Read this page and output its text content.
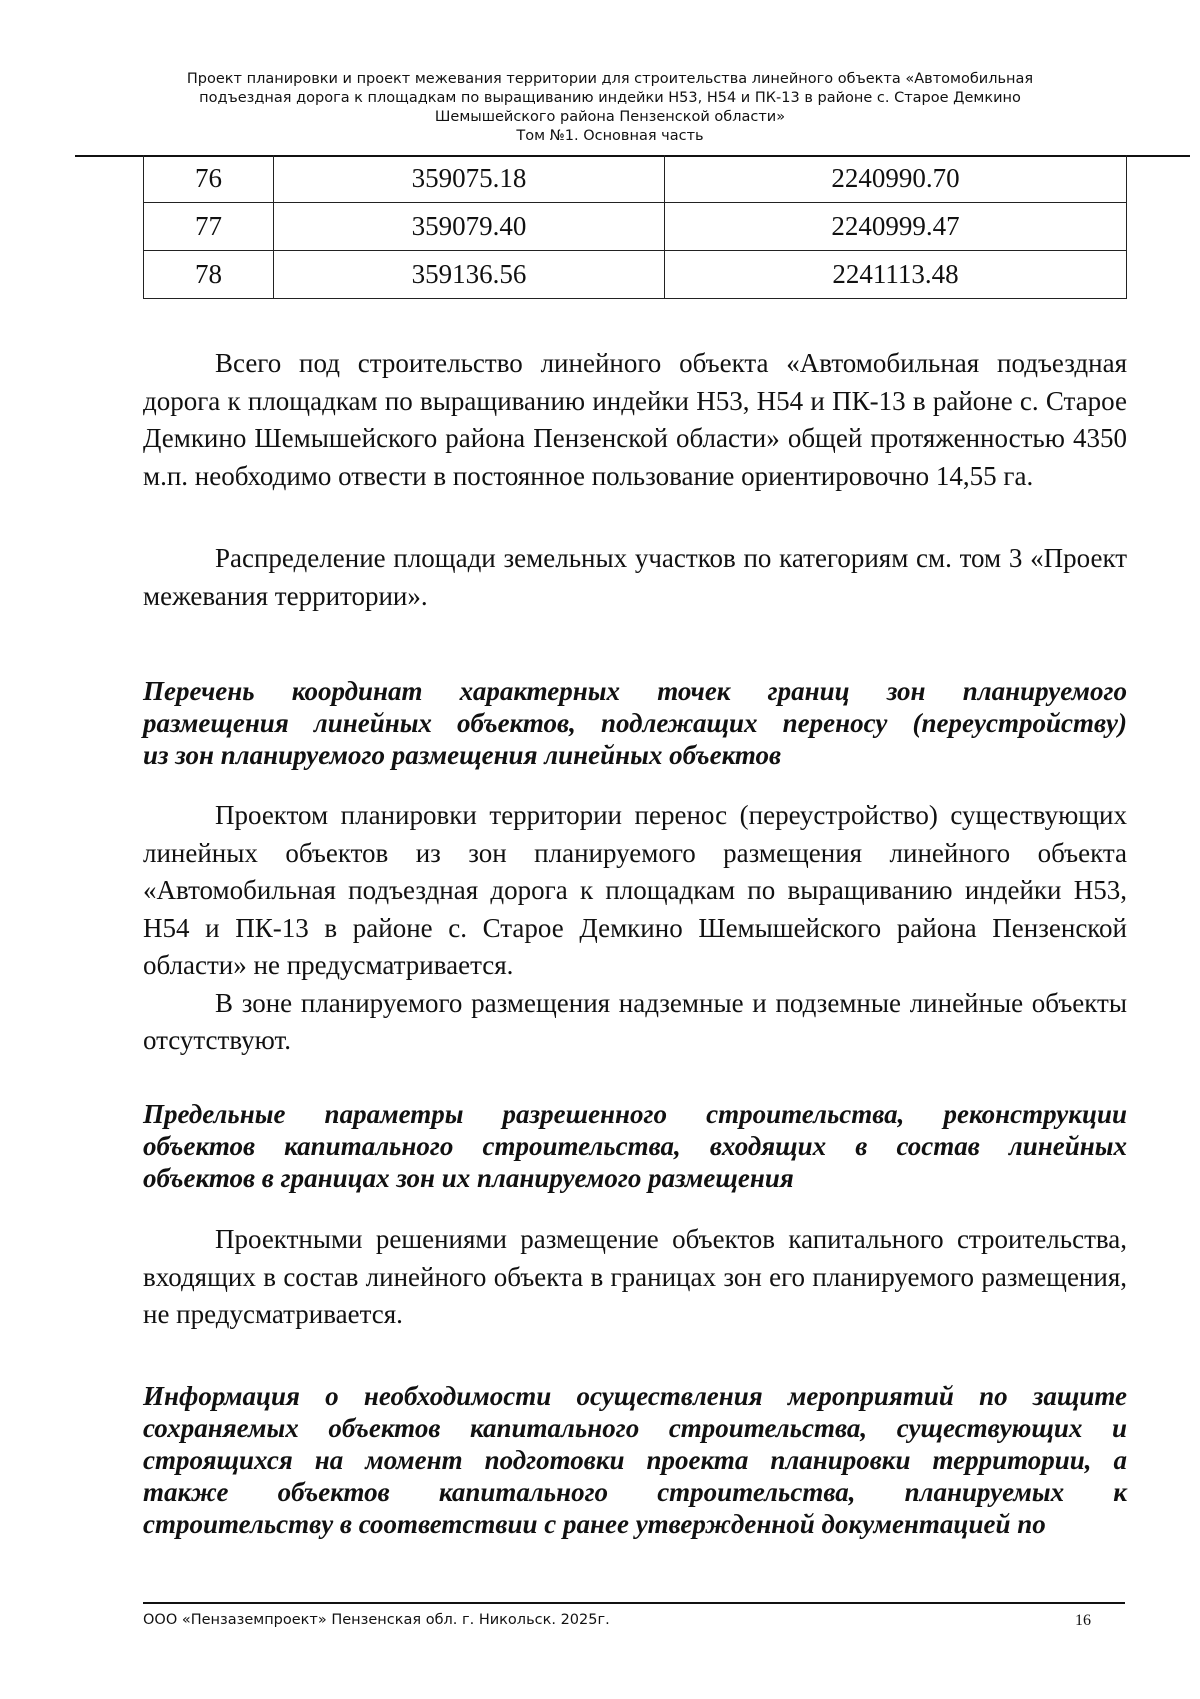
Проект планировки и проект межевания территории для строительства линейного объекта «Автомобильная
подъездная дорога к площадкам по выращиванию индейки Н53, Н54 и ПК-13 в районе с. Старое Демкино
Шемышейского района Пензенской области»
Том №1. Основная часть
76	359075.18	2240990.70
77	359079.40	2240999.47
78	359136.56	2241113.48

Всего под строительство линейного объекта «Автомобильная подъездная дорога к площадкам по выращиванию индейки Н53, Н54 и ПК-13 в районе с. Старое Демкино Шемышейского района Пензенской области» общей протяженностью 4350 м.п. необходимо отвести в постоянное пользование ориентировочно 14,55 га.

Распределение площади земельных участков по категориям см. том 3 «Проект межевания территории».

Перечень координат характерных точек границ зон планируемого
размещения линейных объектов, подлежащих переносу (переустройству)
из зон планируемого размещения линейных объектов

Проектом планировки территории перенос (переустройство) существующих линейных объектов из зон планируемого размещения линейного объекта «Автомобильная подъездная дорога к площадкам по выращиванию индейки Н53, Н54 и ПК-13 в районе с. Старое Демкино Шемышейского района Пензенской области» не предусматривается.

В зоне планируемого размещения надземные и подземные линейные объекты отсутствуют.

Предельные параметры разрешенного строительства, реконструкции
объектов капитального строительства, входящих в состав линейных
объектов в границах зон их планируемого размещения

Проектными решениями размещение объектов капитального строительства, входящих в состав линейного объекта в границах зон его планируемого размещения, не предусматривается.

Информация о необходимости осуществления мероприятий по защите
сохраняемых объектов капитального строительства, существующих и
строящихся на момент подготовки проекта планировки территории, а
также объектов капитального строительства, планируемых к
строительству в соответствии с ранее утвержденной документацией по
ООО «Пензаземпроект» Пензенская обл. г. Никольск. 2025г.	16
